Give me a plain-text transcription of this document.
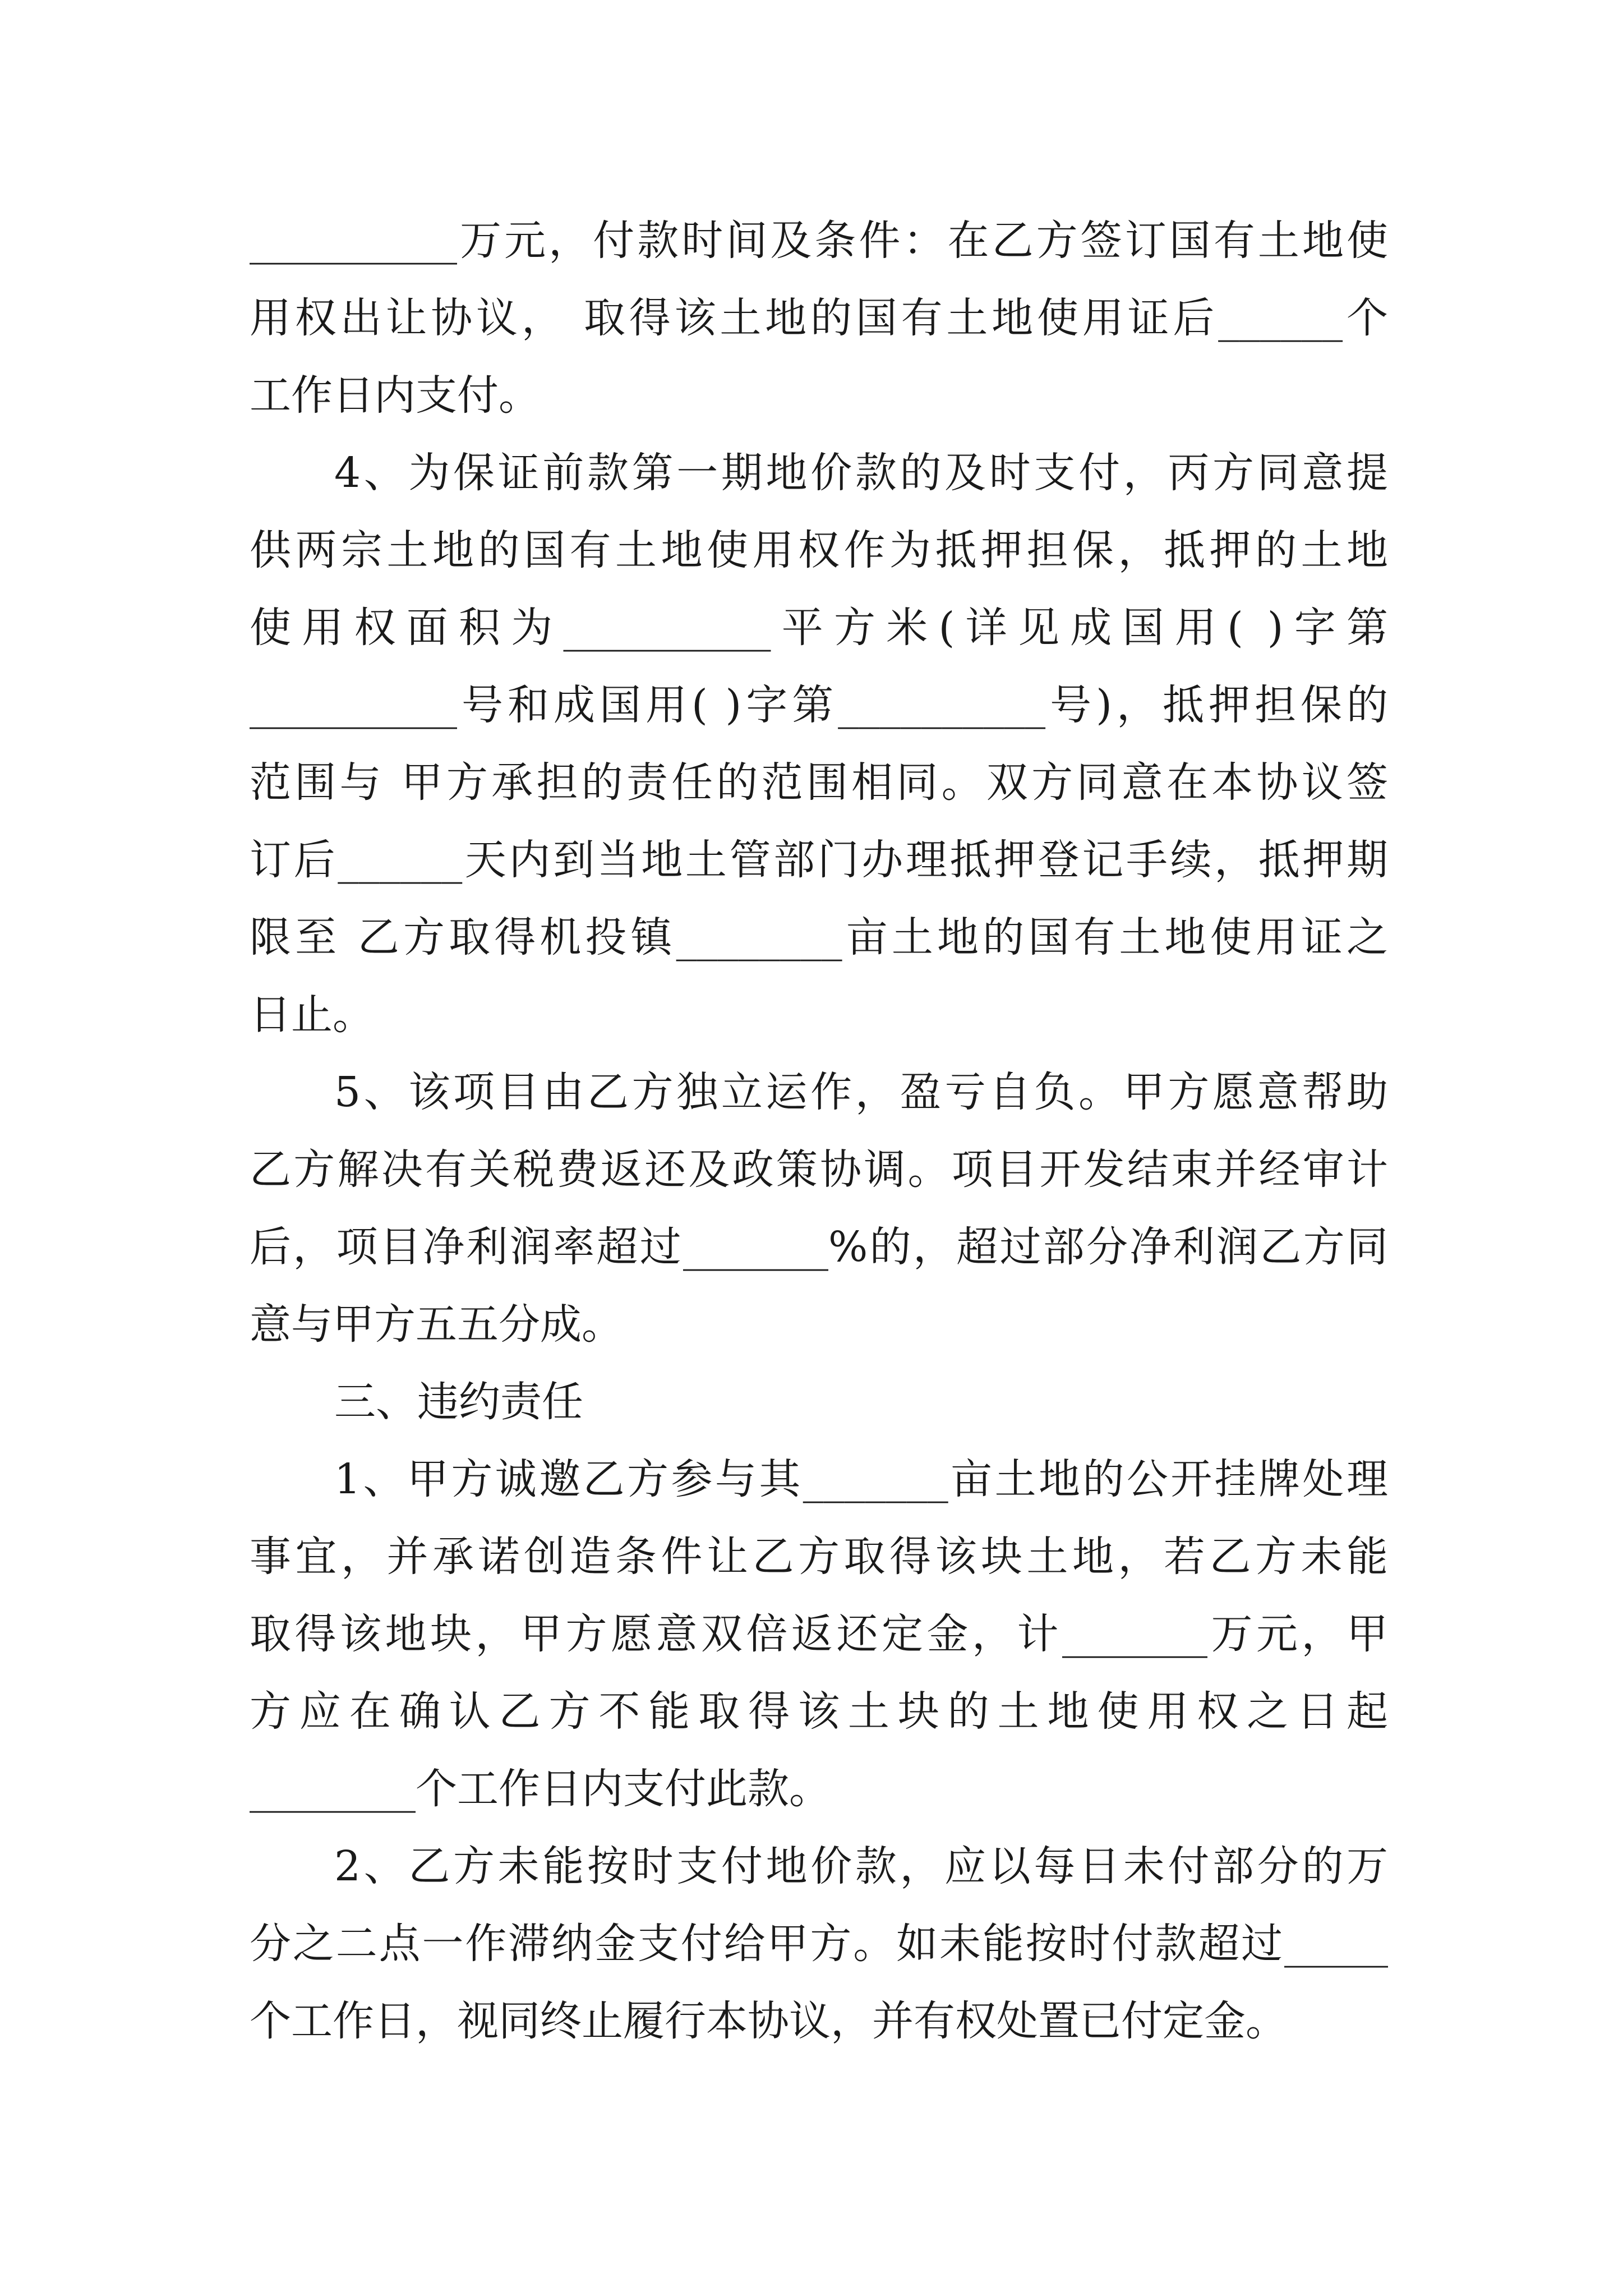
__________万元，付款时间及条件：在乙方签订国有土地使
用权出让协议， 取得该土地的国有土地使用证后______个
工作日内支付。
4、为保证前款第一期地价款的及时支付，丙方同意提
供两宗土地的国有土地使用权作为抵押担保，抵押的土地
使用权面积为__________平方米(详见成国用( )字第
__________号和成国用( )字第__________号)，抵押担保的
范围与 甲方承担的责任的范围相同。双方同意在本协议签
订后______天内到当地土管部门办理抵押登记手续，抵押期
限至 乙方取得机投镇________亩土地的国有土地使用证之
日止。
5、该项目由乙方独立运作，盈亏自负。甲方愿意帮助
乙方解决有关税费返还及政策协调。项目开发结束并经审计
后，项目净利润率超过_______%的，超过部分净利润乙方同
意与甲方五五分成。
三、违约责任
1、甲方诚邀乙方参与其_______亩土地的公开挂牌处理
事宜，并承诺创造条件让乙方取得该块土地，若乙方未能
取得该地块，甲方愿意双倍返还定金，计_______万元，甲
方应在确认乙方不能取得该土块的土地使用权之日起
________个工作日内支付此款。
2、乙方未能按时支付地价款，应以每日未付部分的万
分之二点一作滞纳金支付给甲方。如未能按时付款超过_____
个工作日，视同终止履行本协议，并有权处置已付定金。
